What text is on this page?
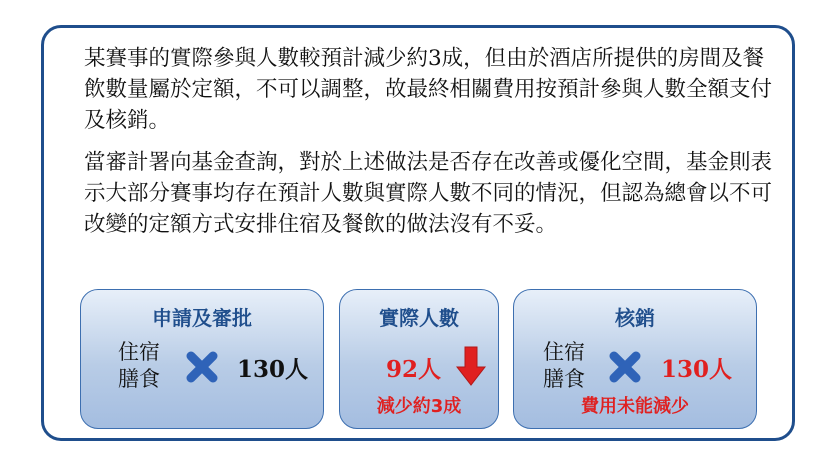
某賽事的實際參與人數較預計減少約3成，但由於酒店所提供的房間及餐飲數量屬於定額，不可以調整，故最終相關費用按預計參與人數全額支付及核銷。
當審計署向基金查詢，對於上述做法是否存在改善或優化空間，基金則表示大部分賽事均存在預計人數與實際人數不同的情況，但認為總會以不可改變的定額方式安排住宿及餐飲的做法沒有不妥。
申請及審批
住宿
膳食	130人
實際人數
92人
減少約3成
核銷
住宿
膳食	130人
費用未能減少
